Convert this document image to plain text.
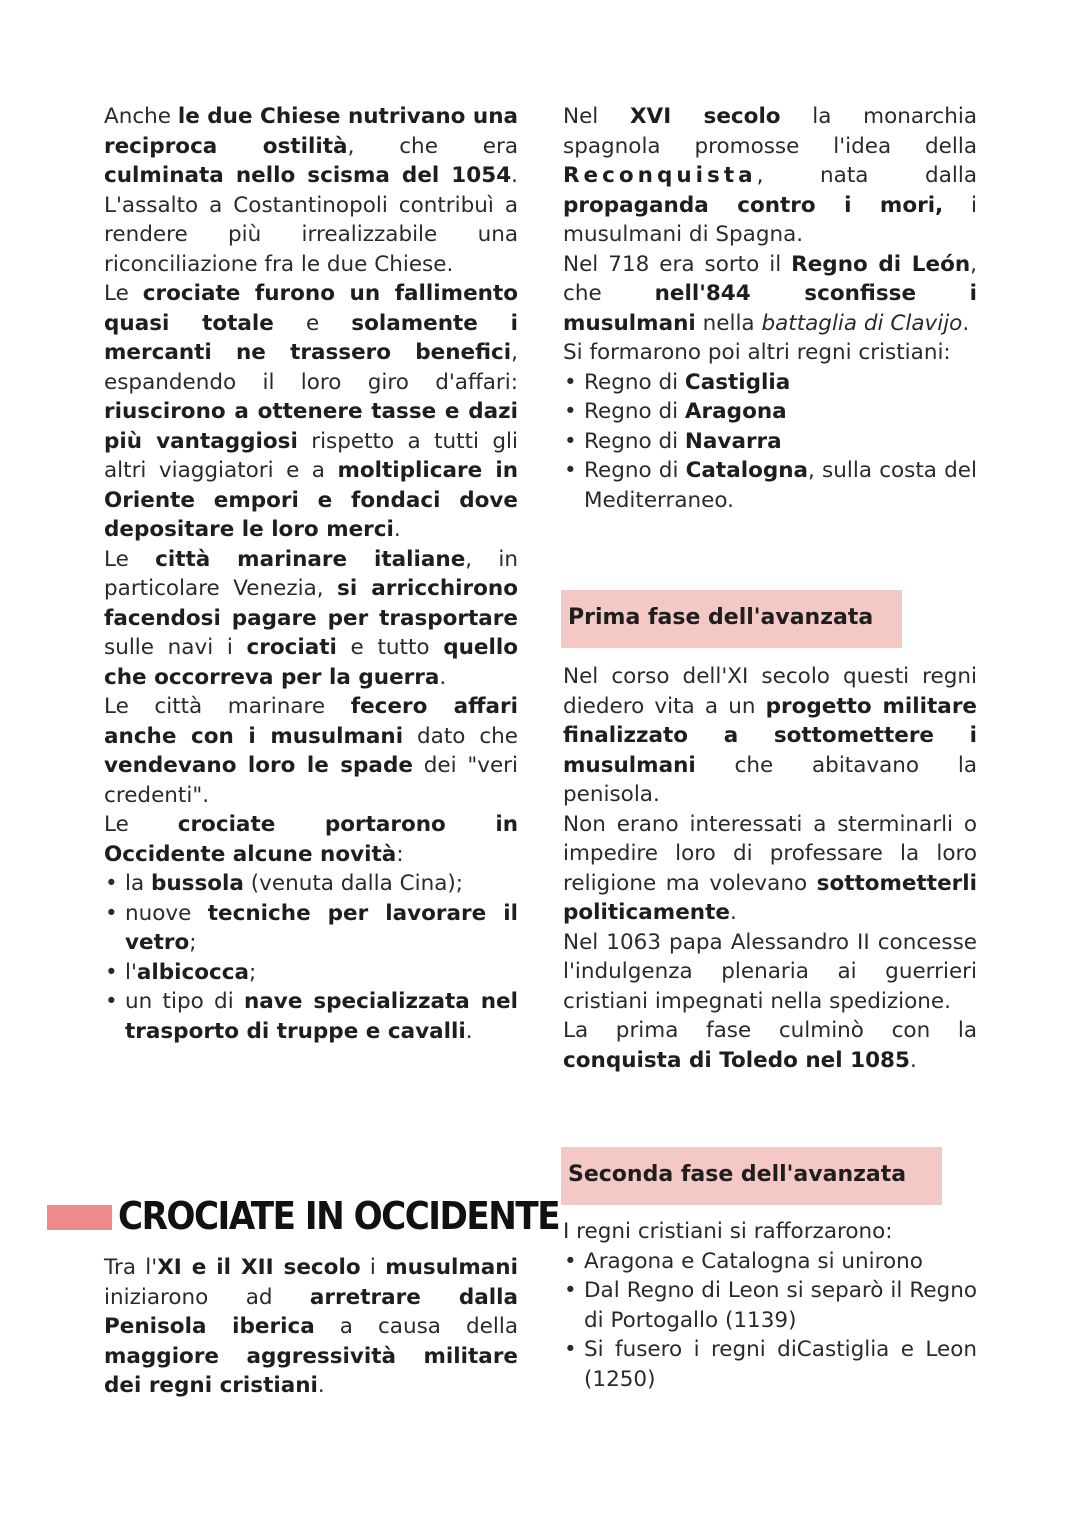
Anche le due Chiese nutrivano una reciproca ostilità, che era culminata nello scisma del 1054. L'assalto a Costantinopoli contribuì a rendere più irrealizzabile una riconciliazione fra le due Chiese.

Le crociate furono un fallimento quasi totale e solamente i mercanti ne trassero benefici, espandendo il loro giro d'affari: riuscirono a ottenere tasse e dazi più vantaggiosi rispetto a tutti gli altri viaggiatori e a moltiplicare in Oriente empori e fondaci dove depositare le loro merci.

Le città marinare italiane, in particolare Venezia, si arricchirono facendosi pagare per trasportare sulle navi i crociati e tutto quello che occorreva per la guerra.

Le città marinare fecero affari anche con i musulmani dato che vendevano loro le spade dei "veri credenti".

Le crociate portarono in Occidente alcune novità:

• la bussola (venuta dalla Cina);
• nuove tecniche per lavorare il vetro;
• l'albicocca;
• un tipo di nave specializzata nel trasporto di truppe e cavalli.
CROCIATE IN OCCIDENTE

Tra l'XI e il XII secolo i musulmani iniziarono ad arretrare dalla Penisola iberica a causa della maggiore aggressività militare dei regni cristiani.

Nel XVI secolo la monarchia spagnola promosse l'idea della Reconquista, nata dalla propaganda contro i mori, i musulmani di Spagna.

Nel 718 era sorto il Regno di León, che nell'844 sconfisse i musulmani nella battaglia di Clavijo.

Si formarono poi altri regni cristiani:

• Regno di Castiglia
• Regno di Aragona
• Regno di Navarra
• Regno di Catalogna, sulla costa del Mediterraneo.
Prima fase dell'avanzata

Nel corso dell'XI secolo questi regni diedero vita a un progetto militare finalizzato a sottomettere i musulmani che abitavano la penisola.

Non erano interessati a sterminarli o impedire loro di professare la loro religione ma volevano sottometterli politicamente.

Nel 1063 papa Alessandro II concesse l'indulgenza plenaria ai guerrieri cristiani impegnati nella spedizione.

La prima fase culminò con la conquista di Toledo nel 1085.

Seconda fase dell'avanzata

I regni cristiani si rafforzarono:

• Aragona e Catalogna si unirono
• Dal Regno di Leon si separò il Regno di Portogallo (1139)
• Si fusero i regni diCastiglia e Leon (1250)
